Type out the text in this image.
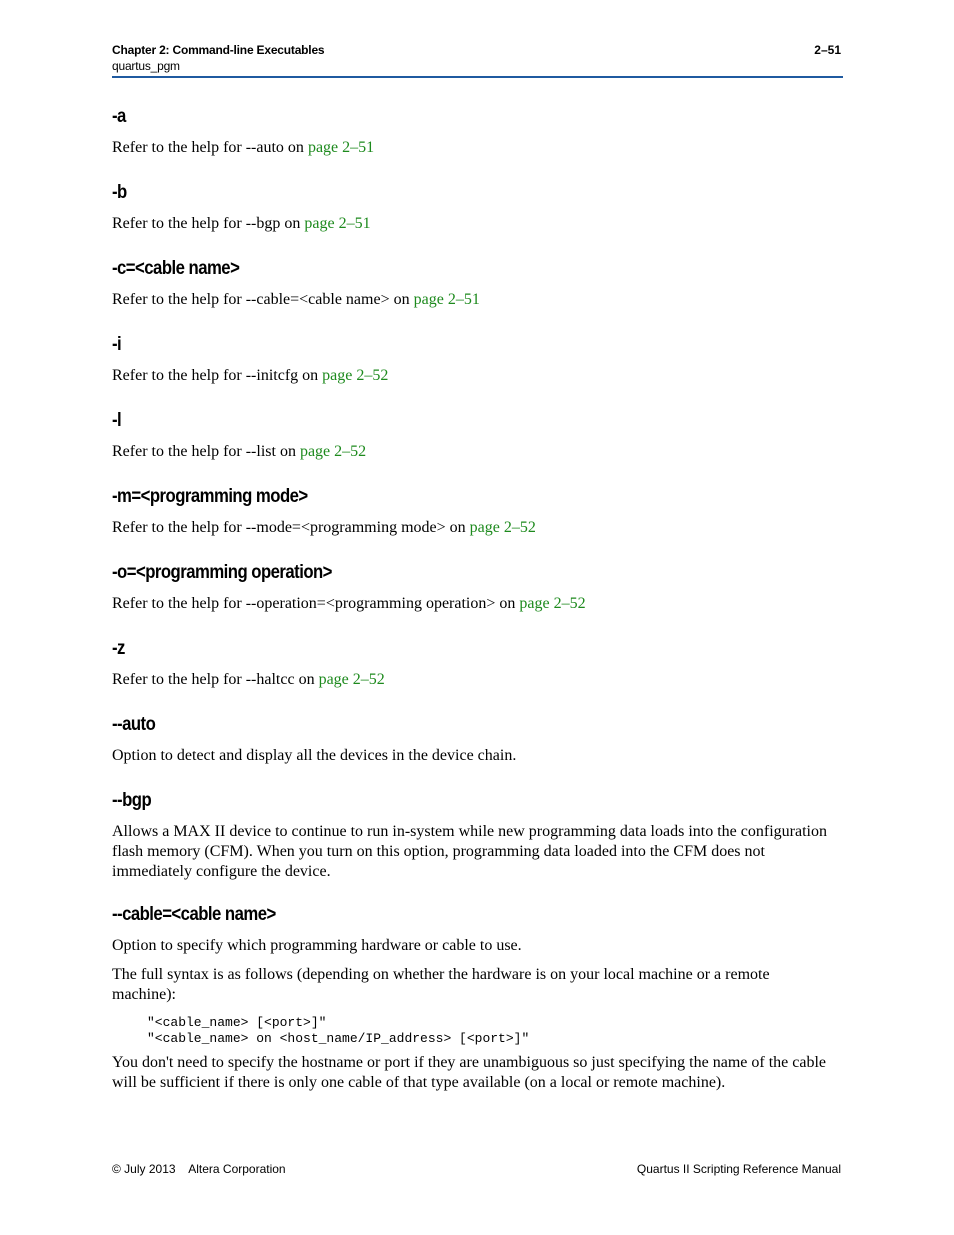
Chapter 2: Command-line Executables
quartus_pgm
2–51
-a

Refer to the help for --auto on page 2–51

-b

Refer to the help for --bgp on page 2–51

-c=<cable name>

Refer to the help for --cable=<cable name> on page 2–51

-i

Refer to the help for --initcfg on page 2–52

-l

Refer to the help for --list on page 2–52

-m=<programming mode>

Refer to the help for --mode=<programming mode> on page 2–52

-o=<programming operation>

Refer to the help for --operation=<programming operation> on page 2–52

-z

Refer to the help for --haltcc on page 2–52

--auto

Option to detect and display all the devices in the device chain.

--bgp

Allows a MAX II device to continue to run in-system while new programming data loads into the configuration flash memory (CFM). When you turn on this option, programming data loaded into the CFM does not immediately configure the device.

--cable=<cable name>

Option to specify which programming hardware or cable to use.

The full syntax is as follows (depending on whether the hardware is on your local machine or a remote machine):

"<cable_name> [<port>]"
"<cable_name> on <host_name/IP_address> [<port>]"

You don't need to specify the hostname or port if they are unambiguous so just specifying the name of the cable will be sufficient if there is only one cable of that type available (on a local or remote machine).

© July 2013 Altera Corporation	Quartus II Scripting Reference Manual
